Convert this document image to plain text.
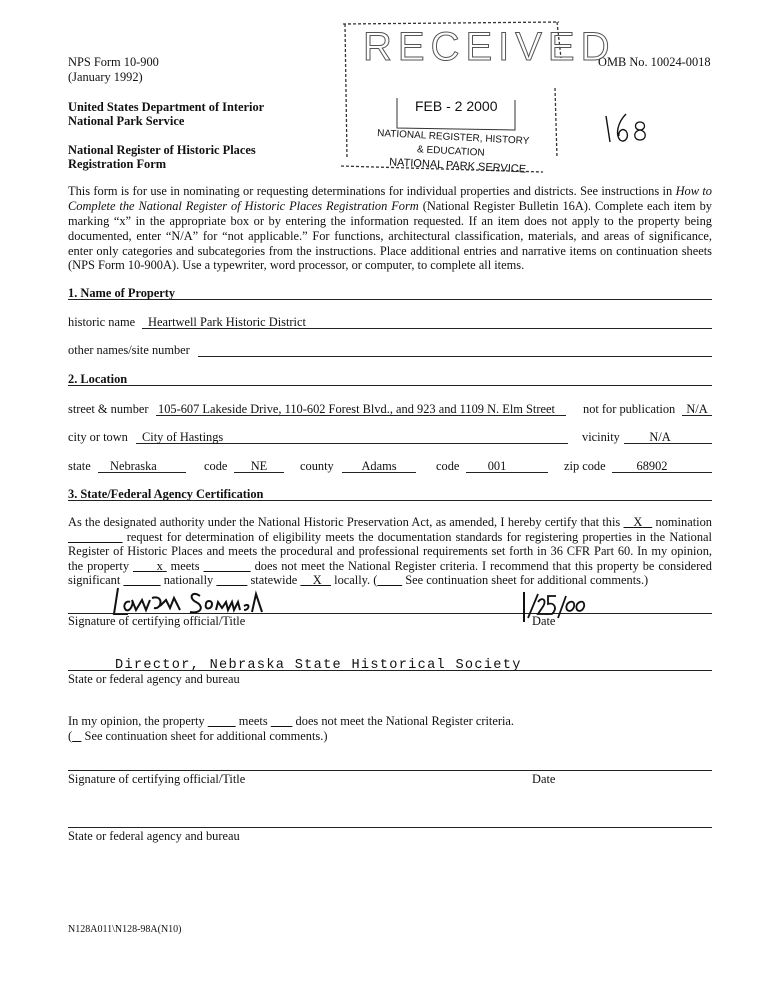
NPS Form 10-900
(January 1992)
OMB No. 10024-0018
United States Department of Interior
National Park Service
National Register of Historic Places
Registration Form
RECEIVED
FEB - 2 2000
NATIONAL REGISTER, HISTORY
& EDUCATION
NATIONAL PARK SERVICE
This form is for use in nominating or requesting determinations for individual properties and districts. See instructions in How to Complete the National Register of Historic Places Registration Form (National Register Bulletin 16A). Complete each item by marking “x” in the appropriate box or by entering the information requested. If an item does not apply to the property being documented, enter “N/A” for “not applicable.” For functions, architectural classification, materials, and areas of significance, enter only categories and subcategories from the instructions. Place additional entries and narrative items on continuation sheets (NPS Form 10-900A). Use a typewriter, word processor, or computer, to complete all items.
1. Name of Property
historic name Heartwell Park Historic District
other names/site number
2. Location
street & number 105-607 Lakeside Drive, 110-602 Forest Blvd., and 923 and 1109 N. Elm Street not for publication N/A
city or town City of Hastings	vicinity	N/A
state Nebraska	code	NE	county	Adams	code	001	zip code	68902
3. State/Federal Agency Certification
As the designated authority under the National Historic Preservation Act, as amended, I hereby certify that this X nomination               request for determination of eligibility meets the documentation standards for registering properties in the National Register of Historic Places and meets the procedural and professional requirements set forth in 36 CFR Part 60. In my opinion, the property x meets	does not meet the National Register criteria. I recommend that this property be considered significant	nationally	statewide X locally. ( See continuation sheet for additional comments.)
Signature of certifying official/Title	Date
Director, Nebraska State Historical Society
State or federal agency and bureau
In my opinion, the property	meets does not meet the National Register criteria.
( See continuation sheet for additional comments.)
Signature of certifying official/Title	Date
State or federal agency and bureau
N128A011\N128-98A(N10)
